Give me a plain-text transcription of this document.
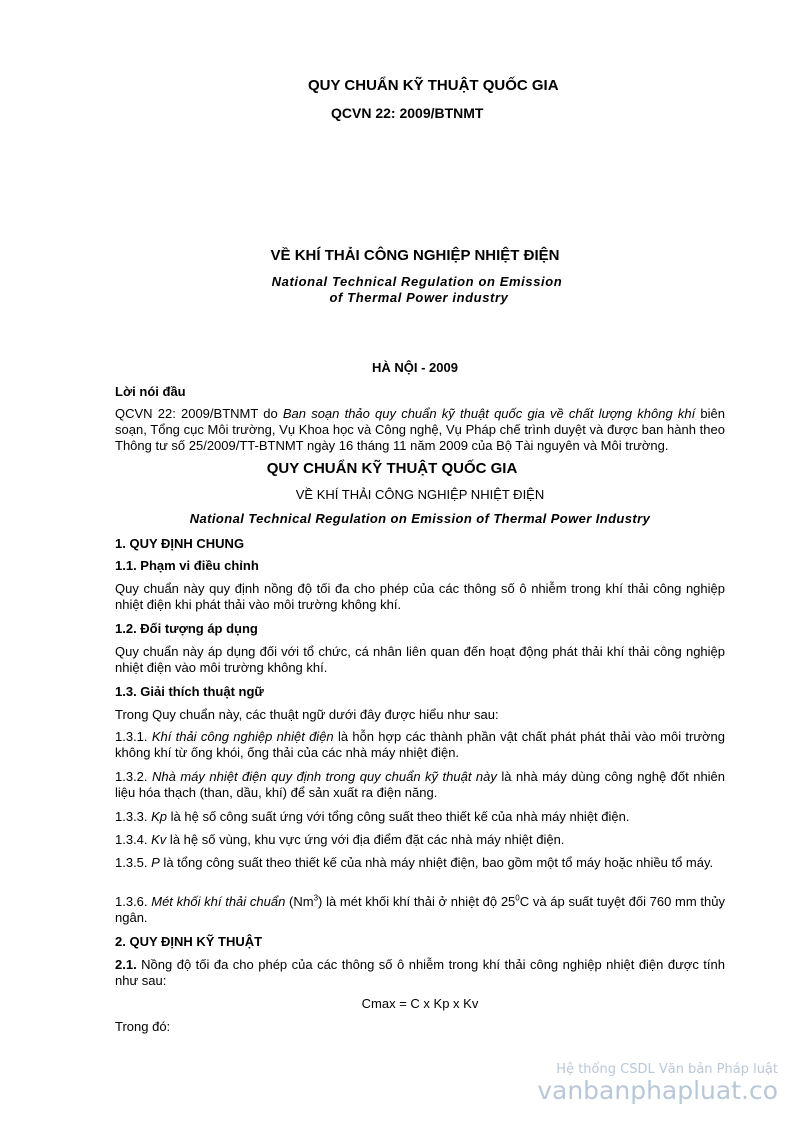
QUY CHUẨN KỸ THUẬT QUỐC GIA
QCVN 22: 2009/BTNMT
VỀ KHÍ THẢI CÔNG NGHIỆP NHIỆT ĐIỆN
National Technical Regulation on Emission
of Thermal Power industry
HÀ NỘI - 2009
Lời nói đầu
QCVN 22: 2009/BTNMT do Ban soạn thảo quy chuẩn kỹ thuật quốc gia về chất lượng không khí biên soạn, Tổng cục Môi trường, Vụ Khoa học và Công nghệ, Vụ Pháp chế trình duyệt và được ban hành theo Thông tư số 25/2009/TT-BTNMT ngày 16 tháng 11 năm 2009 của Bộ Tài nguyên và Môi trường.
QUY CHUẨN KỸ THUẬT QUỐC GIA
VỀ KHÍ THẢI CÔNG NGHIỆP NHIỆT ĐIỆN
National Technical Regulation on Emission of Thermal Power Industry
1. QUY ĐỊNH CHUNG
1.1. Phạm vi điều chỉnh
Quy chuẩn này quy định nồng độ tối đa cho phép của các thông số ô nhiễm trong khí thải công nghiệp nhiệt điện khi phát thải vào môi trường không khí.
1.2. Đối tượng áp dụng
Quy chuẩn này áp dụng đối với tổ chức, cá nhân liên quan đến hoạt động phát thải khí thải công nghiệp nhiệt điện vào môi trường không khí.
1.3. Giải thích thuật ngữ
Trong Quy chuẩn này, các thuật ngữ dưới đây được hiểu như sau:
1.3.1. Khí thải công nghiệp nhiệt điện là hỗn hợp các thành phần vật chất phát phát thải vào môi trường không khí từ ống khói, ống thải của các nhà máy nhiệt điện.
1.3.2. Nhà máy nhiệt điện quy định trong quy chuẩn kỹ thuật này là nhà máy dùng công nghệ đốt nhiên liệu hóa thạch (than, dầu, khí) để sản xuất ra điện năng.
1.3.3. Kp là hệ số công suất ứng với tổng công suất theo thiết kế của nhà máy nhiệt điện.
1.3.4. Kv là hệ số vùng, khu vực ứng với địa điểm đặt các nhà máy nhiệt điện.
1.3.5. P là tổng công suất theo thiết kế của nhà máy nhiệt điện, bao gồm một tổ máy hoặc nhiều tổ máy.
1.3.6. Mét khối khí thải chuẩn (Nm$^3$) là mét khối khí thải ở nhiệt độ $25^0C$ và áp suất tuyệt đối 760 mm thủy ngân.
2. QUY ĐỊNH KỸ THUẬT
2.1. Nồng độ tối đa cho phép của các thông số ô nhiễm trong khí thải công nghiệp nhiệt điện được tính như sau:
Cmax = C x Kp x Kv
Trong đó:
Hệ thống CSDL Văn bản Pháp luật
vanbanphapluat.co
